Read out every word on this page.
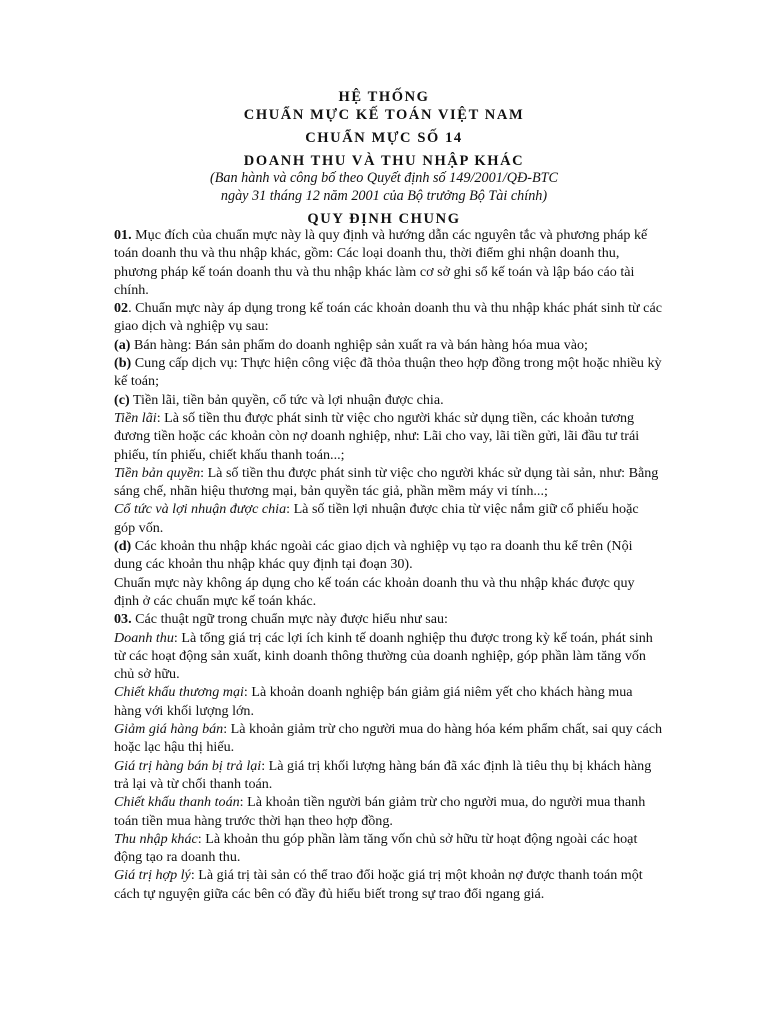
HỆ THỐNG
CHUẨN MỰC KẾ TOÁN VIỆT NAM
CHUẨN MỰC SỐ 14
DOANH THU VÀ THU NHẬP KHÁC
(Ban hành và công bố theo Quyết định số 149/2001/QĐ-BTC
ngày 31 tháng 12 năm 2001 của Bộ trưởng Bộ Tài chính)
QUY ĐỊNH CHUNG

01. Mục đích của chuẩn mực này là quy định và hướng dẫn các nguyên tắc và phương pháp kế toán doanh thu và thu nhập khác, gồm: Các loại doanh thu, thời điểm ghi nhận doanh thu, phương pháp kế toán doanh thu và thu nhập khác làm cơ sở ghi sổ kế toán và lập báo cáo tài chính.

02. Chuẩn mực này áp dụng trong kế toán các khoản doanh thu và thu nhập khác phát sinh từ các giao dịch và nghiệp vụ sau:

(a) Bán hàng: Bán sản phẩm do doanh nghiệp sản xuất ra và bán hàng hóa mua vào;

(b) Cung cấp dịch vụ: Thực hiện công việc đã thỏa thuận theo hợp đồng trong một hoặc nhiều kỳ kế toán;

(c) Tiền lãi, tiền bản quyền, cổ tức và lợi nhuận được chia.

Tiền lãi: Là số tiền thu được phát sinh từ việc cho người khác sử dụng tiền, các khoản tương đương tiền hoặc các khoản còn nợ doanh nghiệp, như: Lãi cho vay, lãi tiền gửi, lãi đầu tư trái phiếu, tín phiếu, chiết khấu thanh toán...;

Tiền bản quyền: Là số tiền thu được phát sinh từ việc cho người khác sử dụng tài sản, như: Bằng sáng chế, nhãn hiệu thương mại, bản quyền tác giả, phần mềm máy vi tính...;

Cổ tức và lợi nhuận được chia: Là số tiền lợi nhuận được chia từ việc nắm giữ cổ phiếu hoặc góp vốn.

(d) Các khoản thu nhập khác ngoài các giao dịch và nghiệp vụ tạo ra doanh thu kể trên (Nội dung các khoản thu nhập khác quy định tại đoạn 30).

Chuẩn mực này không áp dụng cho kế toán các khoản doanh thu và thu nhập khác được quy định ở các chuẩn mực kế toán khác.

03. Các thuật ngữ trong chuẩn mực này được hiểu như sau:

Doanh thu: Là tổng giá trị các lợi ích kinh tế doanh nghiệp thu được trong kỳ kế toán, phát sinh từ các hoạt động sản xuất, kinh doanh thông thường của doanh nghiệp, góp phần làm tăng vốn chủ sở hữu.

Chiết khấu thương mại: Là khoản doanh nghiệp bán giảm giá niêm yết cho khách hàng mua hàng với khối lượng lớn.

Giảm giá hàng bán: Là khoản giảm trừ cho người mua do hàng hóa kém phẩm chất, sai quy cách hoặc lạc hậu thị hiếu.

Giá trị hàng bán bị trả lại: Là giá trị khối lượng hàng bán đã xác định là tiêu thụ bị khách hàng trả lại và từ chối thanh toán.

Chiết khấu thanh toán: Là khoản tiền người bán giảm trừ cho người mua, do người mua thanh toán tiền mua hàng trước thời hạn theo hợp đồng.

Thu nhập khác: Là khoản thu góp phần làm tăng vốn chủ sở hữu từ hoạt động ngoài các hoạt động tạo ra doanh thu.

Giá trị hợp lý: Là giá trị tài sản có thể trao đổi hoặc giá trị một khoản nợ được thanh toán một cách tự nguyện giữa các bên có đầy đủ hiểu biết trong sự trao đổi ngang giá.
